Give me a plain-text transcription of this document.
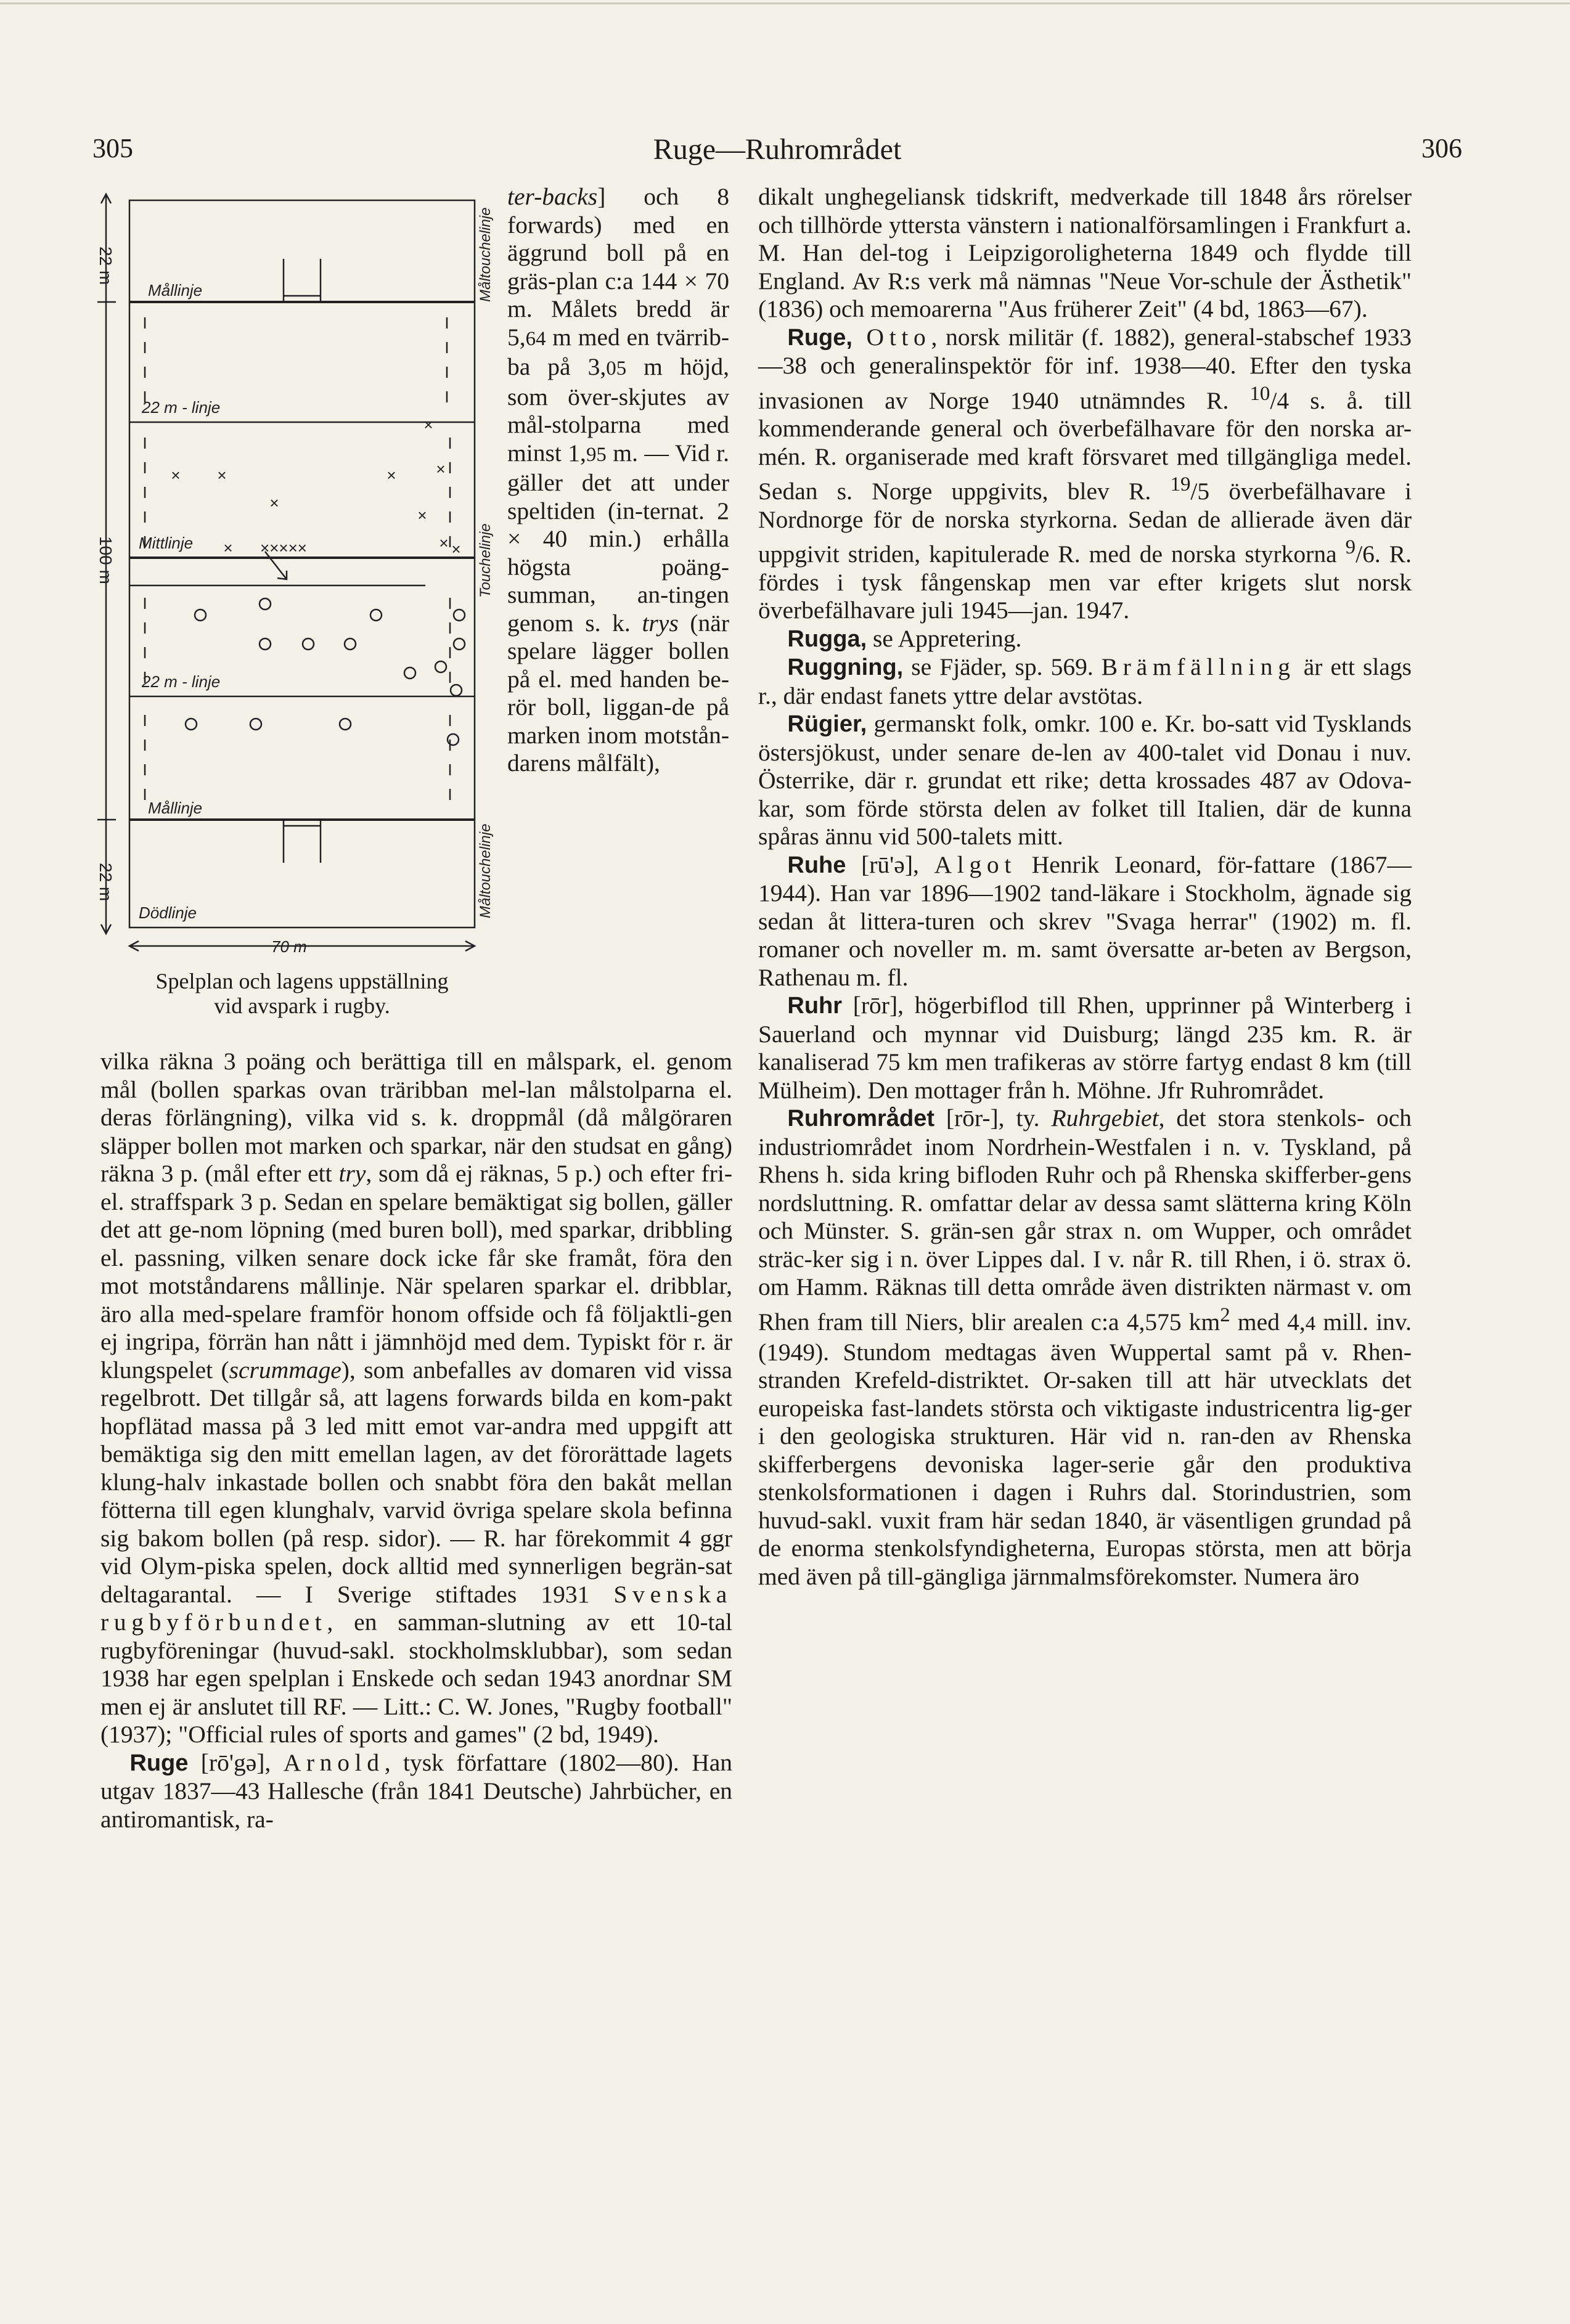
305	Ruge—Ruhrområdet	306
× ×
×
× ×
×
× ×
× ×××××
×
Mållinje
22 m - linje
Mittlinje
22 m - linje
Mållinje
Dödlinje
70 m
22 m
100 m
22 m
Måltouchelinje
Touchelinje
Måltouchelinje
Spelplan och lagens uppställning
vid avspark i rugby.

ter-backs] och 8 forwards) med en äggrund boll på en gräs-plan c:a 144 × 70 m. Målets bredd är 5,64 m med en tvärrib-ba på 3,05 m höjd, som över-skjutes av mål-stolparna med minst 1,95 m. — Vid r. gäller det att under speltiden (in-ternat. 2 × 40 min.) erhålla högsta poäng-summan, an-tingen genom s. k. trys (när spelare lägger bollen på el. med handen be-rör boll, liggan-de på marken inom motstån-darens målfält),

vilka räkna 3 poäng och berättiga till en målspark, el. genom mål (bollen sparkas ovan träribban mel-lan målstolparna el. deras förlängning), vilka vid s. k. droppmål (då målgöraren släpper bollen mot marken och sparkar, när den studsat en gång) räkna 3 p. (mål efter ett try, som då ej räknas, 5 p.) och efter fri- el. straffspark 3 p. Sedan en spelare bemäktigat sig bollen, gäller det att ge-nom löpning (med buren boll), med sparkar, dribbling el. passning, vilken senare dock icke får ske framåt, föra den mot motståndarens mållinje. När spelaren sparkar el. dribblar, äro alla med-spelare framför honom offside och få följaktli-gen ej ingripa, förrän han nått i jämnhöjd med dem. Typiskt för r. är klungspelet (scrummage), som anbefalles av domaren vid vissa regelbrott. Det tillgår så, att lagens forwards bilda en kom-pakt hopflätad massa på 3 led mitt emot var-andra med uppgift att bemäktiga sig den mitt emellan lagen, av det förorättade lagets klung-halv inkastade bollen och snabbt föra den bakåt mellan fötterna till egen klunghalv, varvid övriga spelare skola befinna sig bakom bollen (på resp. sidor). — R. har förekommit 4 ggr vid Olym-piska spelen, dock alltid med synnerligen begrän-sat deltagarantal. — I Sverige stiftades 1931 Svenska rugbyförbundet, en samman-slutning av ett 10-tal rugbyföreningar (huvud-sakl. stockholmsklubbar), som sedan 1938 har egen spelplan i Enskede och sedan 1943 anordnar SM men ej är anslutet till RF. — Litt.: C. W. Jones, "Rugby football" (1937); "Official rules of sports and games" (2 bd, 1949).

Ruge [rō'gə], Arnold, tysk författare (1802—80). Han utgav 1837—43 Hallesche (från 1841 Deutsche) Jahrbücher, en antiromantisk, ra-

dikalt unghegeliansk tidskrift, medverkade till 1848 års rörelser och tillhörde yttersta vänstern i nationalförsamlingen i Frankfurt a. M. Han del-tog i Leipzigoroligheterna 1849 och flydde till England. Av R:s verk må nämnas "Neue Vor-schule der Ästhetik" (1836) och memoarerna "Aus früherer Zeit" (4 bd, 1863—67).

Ruge, Otto, norsk militär (f. 1882), general-stabschef 1933—38 och generalinspektör för inf. 1938—40. Efter den tyska invasionen av Norge 1940 utnämndes R. $^{10}$/4 s. å. till kommenderande general och överbefälhavare för den norska ar-mén. R. organiserade med kraft försvaret med tillgängliga medel. Sedan s. Norge uppgivits, blev R. $^{19}$/5 överbefälhavare i Nordnorge för de norska styrkorna. Sedan de allierade även där uppgivit striden, kapitulerade R. med de norska styrkorna $^9$/6. R. fördes i tysk fångenskap men var efter krigets slut norsk överbefälhavare juli 1945—jan. 1947.

Rugga, se Appretering.

Ruggning, se Fjäder, sp. 569. Brämfällning är ett slags r., där endast fanets yttre delar avstötas.

Rügier, germanskt folk, omkr. 100 e. Kr. bo-satt vid Tysklands östersjökust, under senare de-len av 400-talet vid Donau i nuv. Österrike, där r. grundat ett rike; detta krossades 487 av Odova-kar, som förde största delen av folket till Italien, där de kunna spåras ännu vid 500-talets mitt.

Ruhe [rū'ə], Algot Henrik Leonard, för-fattare (1867—1944). Han var 1896—1902 tand-läkare i Stockholm, ägnade sig sedan åt littera-turen och skrev "Svaga herrar" (1902) m. fl. romaner och noveller m. m. samt översatte ar-beten av Bergson, Rathenau m. fl.

Ruhr [rōr], högerbiflod till Rhen, upprinner på Winterberg i Sauerland och mynnar vid Duisburg; längd 235 km. R. är kanaliserad 75 km men trafikeras av större fartyg endast 8 km (till Mülheim). Den mottager från h. Möhne. Jfr Ruhrområdet.

Ruhrområdet [rōr-], ty. Ruhrgebiet, det stora stenkols- och industriområdet inom Nordrhein-Westfalen i n. v. Tyskland, på Rhens h. sida kring bifloden Ruhr och på Rhenska skifferber-gens nordsluttning. R. omfattar delar av dessa samt slätterna kring Köln och Münster. S. grän-sen går strax n. om Wupper, och området sträc-ker sig i n. över Lippes dal. I v. når R. till Rhen, i ö. strax ö. om Hamm. Räknas till detta område även distrikten närmast v. om Rhen fram till Niers, blir arealen c:a 4,575 $km^2$ med 4,4 mill. inv. (1949). Stundom medtagas även Wuppertal samt på v. Rhen-stranden Krefeld-distriktet. Or-saken till att här utvecklats det europeiska fast-landets största och viktigaste industricentra lig-ger i den geologiska strukturen. Här vid n. ran-den av Rhenska skifferbergens devoniska lager-serie går den produktiva stenkolsformationen i dagen i Ruhrs dal. Storindustrien, som huvud-sakl. vuxit fram här sedan 1840, är väsentligen grundad på de enorma stenkolsfyndigheterna, Europas största, men att börja med även på till-gängliga järnmalmsförekomster. Numera äro
